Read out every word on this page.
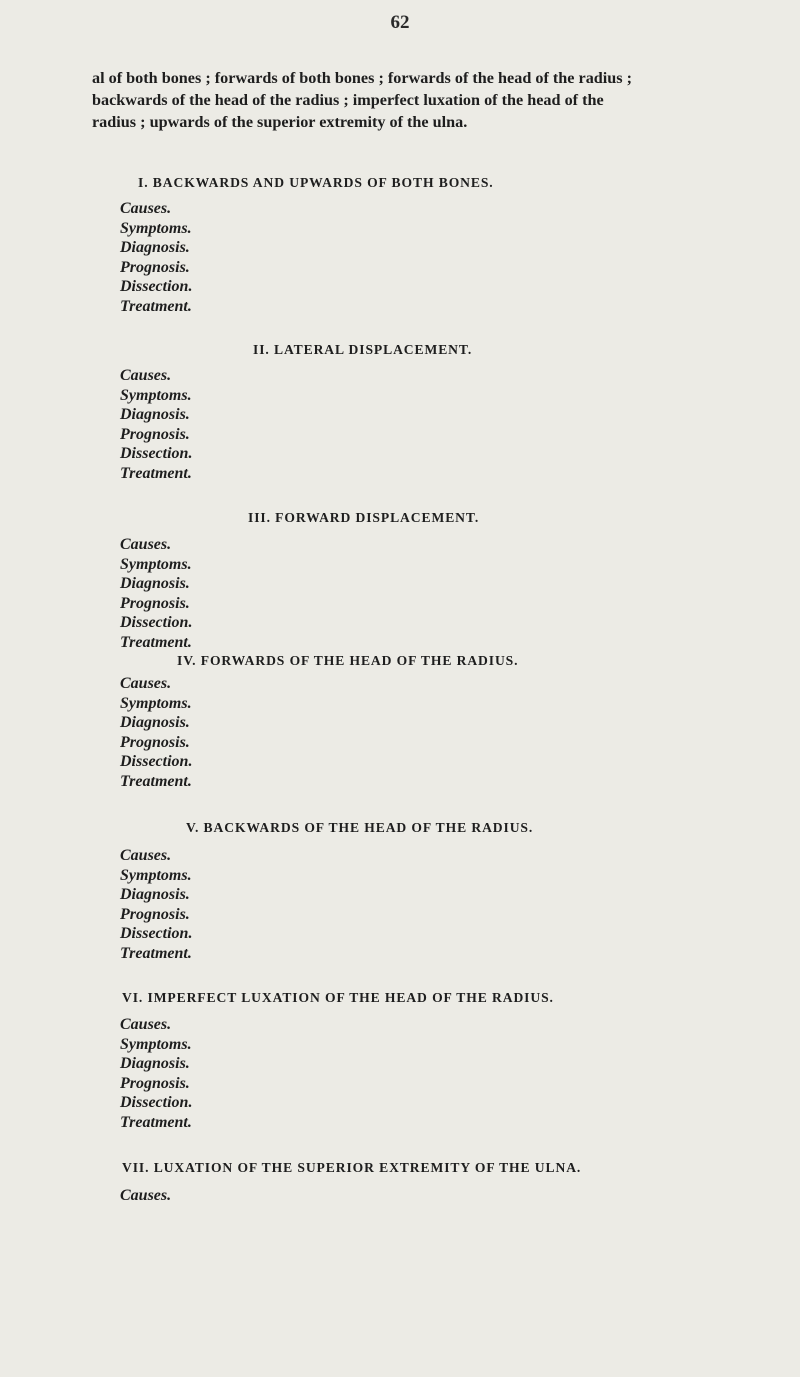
62
al of both bones ; forwards of both bones ; forwards of the head of the radius ;
backwards of the head of the radius ; imperfect luxation of the head of the
radius ; upwards of the superior extremity of the ulna.
I. BACKWARDS AND UPWARDS OF BOTH BONES.
Causes.
Symptoms.
Diagnosis.
Prognosis.
Dissection.
Treatment.
II. LATERAL DISPLACEMENT.
Causes.
Symptoms.
Diagnosis.
Prognosis.
Dissection.
Treatment.
III. FORWARD DISPLACEMENT.
Causes.
Symptoms.
Diagnosis.
Prognosis.
Dissection.
Treatment.
IV. FORWARDS OF THE HEAD OF THE RADIUS.
Causes.
Symptoms.
Diagnosis.
Prognosis.
Dissection.
Treatment.
V. BACKWARDS OF THE HEAD OF THE RADIUS.
Causes.
Symptoms.
Diagnosis.
Prognosis.
Dissection.
Treatment.
VI. IMPERFECT LUXATION OF THE HEAD OF THE RADIUS.
Causes.
Symptoms.
Diagnosis.
Prognosis.
Dissection.
Treatment.
VII. LUXATION OF THE SUPERIOR EXTREMITY OF THE ULNA.
Causes.
